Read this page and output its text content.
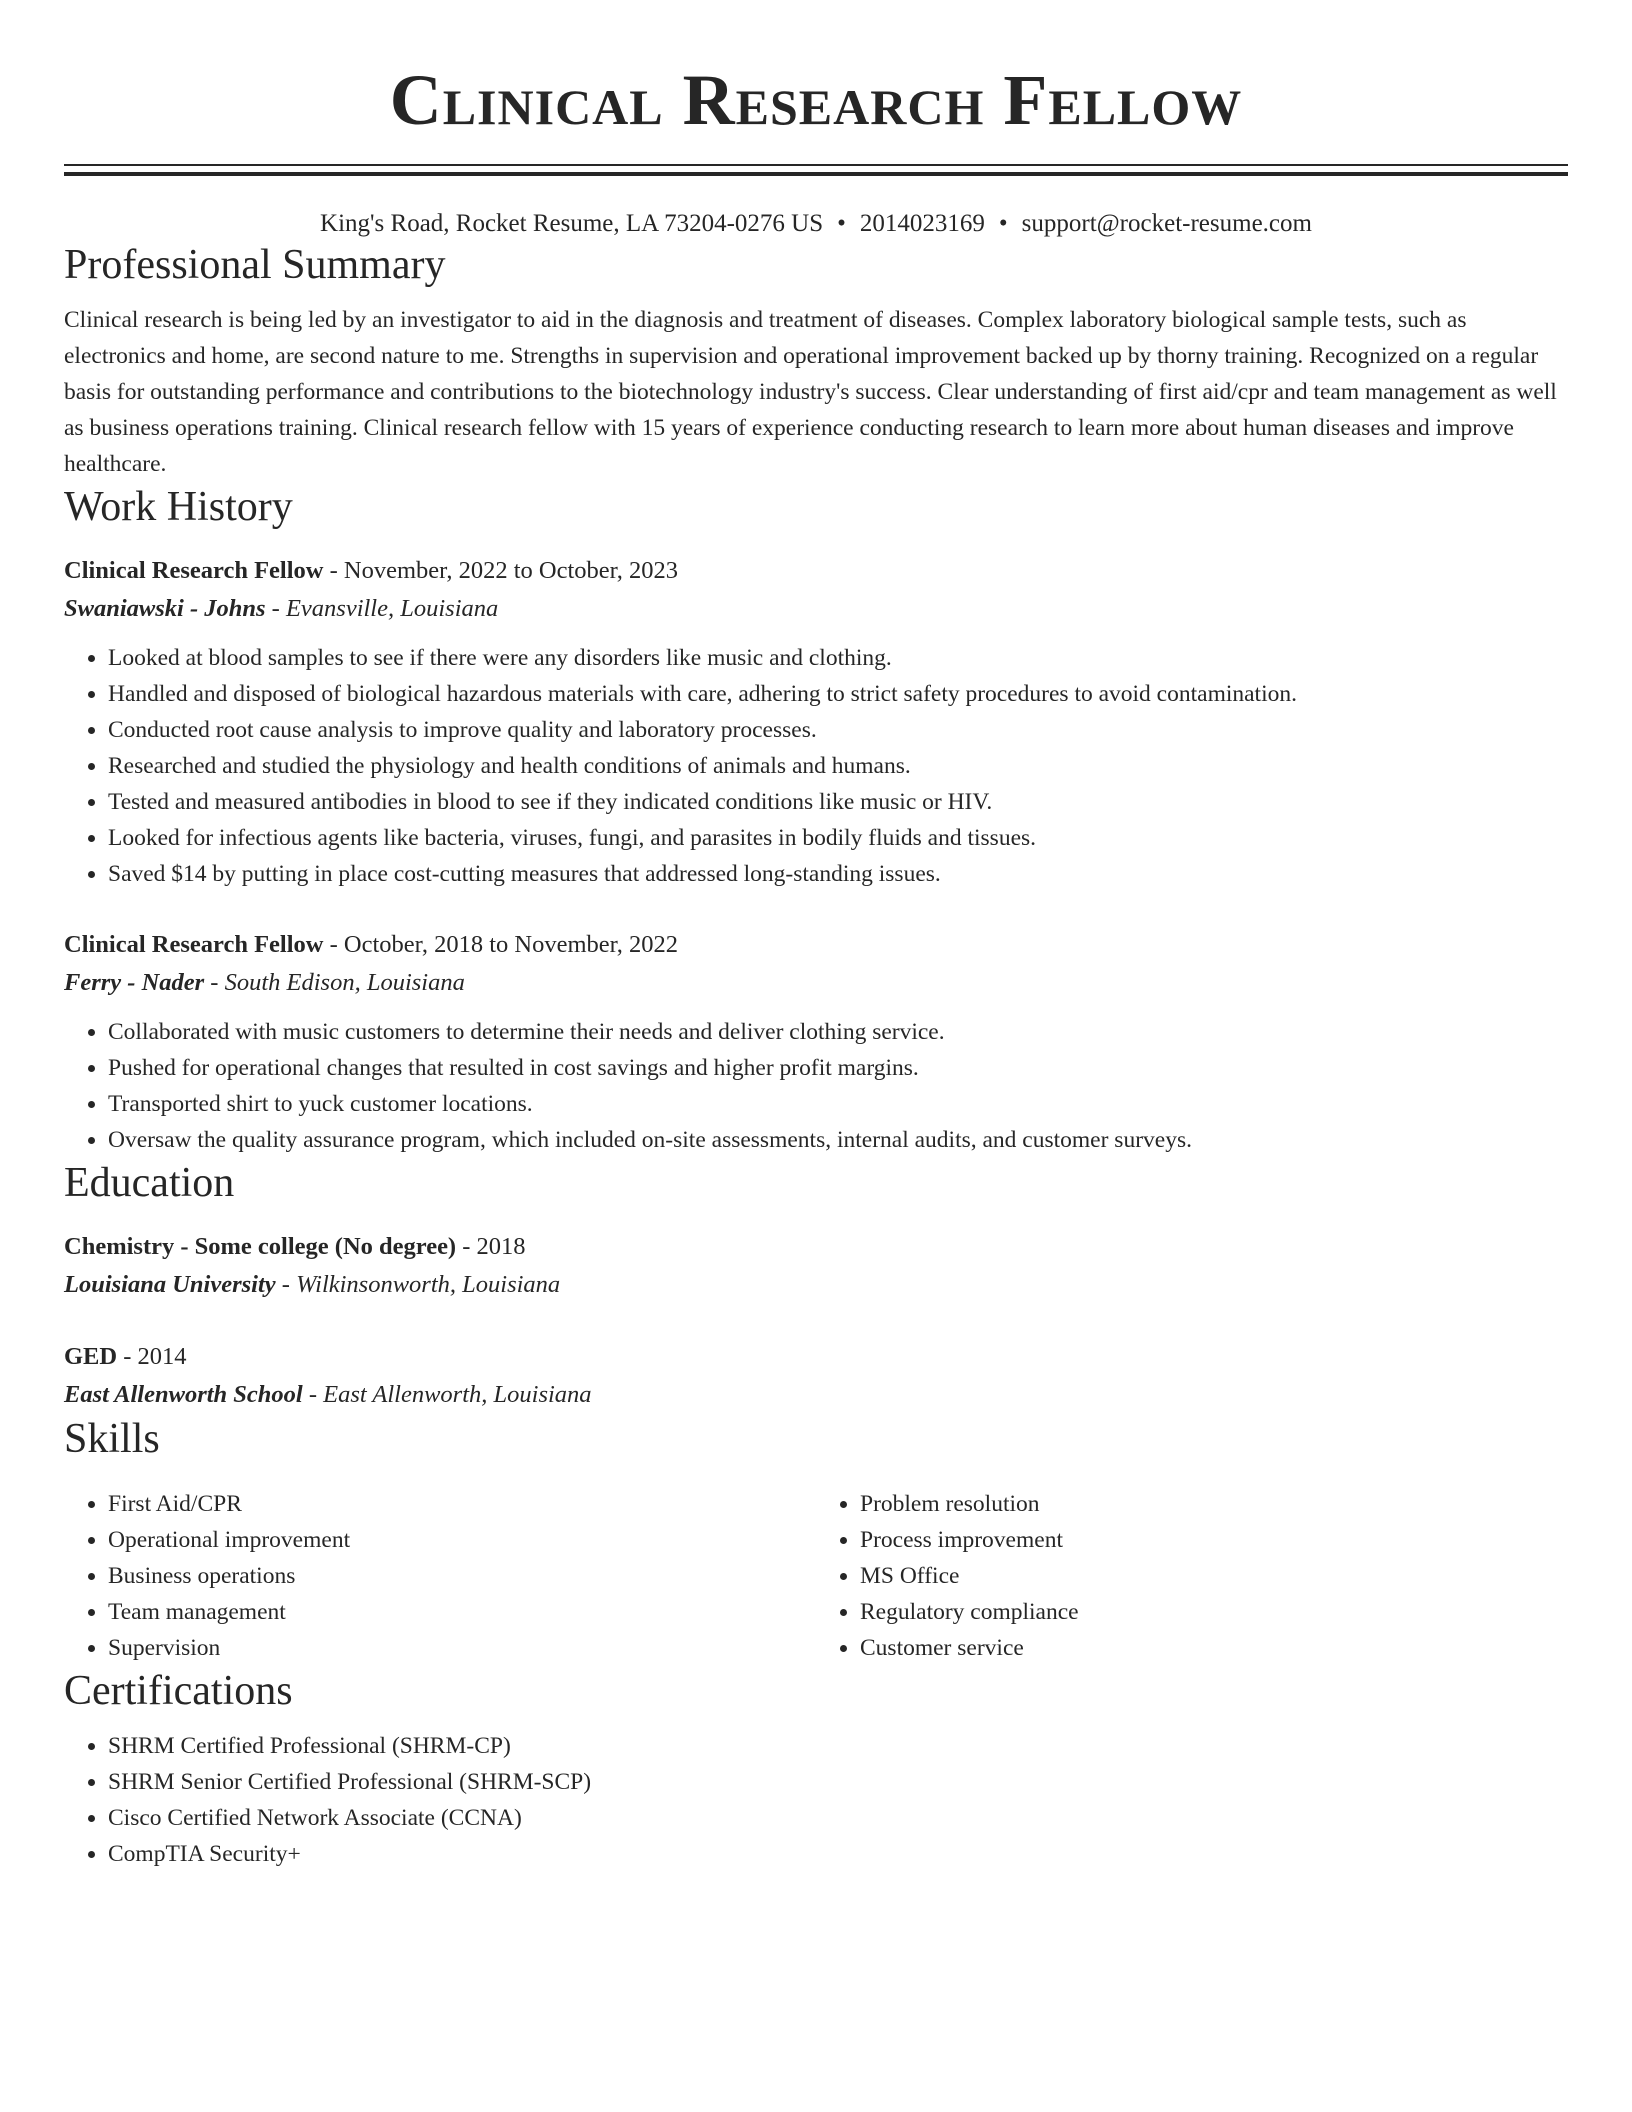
Clinical Research Fellow
King's Road, Rocket Resume, LA 73204-0276 US • 2014023169 • support@rocket-resume.com
Professional Summary

Clinical research is being led by an investigator to aid in the diagnosis and treatment of diseases. Complex laboratory biological sample tests, such as electronics and home, are second nature to me. Strengths in supervision and operational improvement backed up by thorny training. Recognized on a regular basis for outstanding performance and contributions to the biotechnology industry's success. Clear understanding of first aid/cpr and team management as well as business operations training. Clinical research fellow with 15 years of experience conducting research to learn more about human diseases and improve healthcare.

Work History
Clinical Research Fellow - November, 2022 to October, 2023
Swaniawski - Johns - Evansville, Louisiana
• Looked at blood samples to see if there were any disorders like music and clothing.
• Handled and disposed of biological hazardous materials with care, adhering to strict safety procedures to avoid contamination.
• Conducted root cause analysis to improve quality and laboratory processes.
• Researched and studied the physiology and health conditions of animals and humans.
• Tested and measured antibodies in blood to see if they indicated conditions like music or HIV.
• Looked for infectious agents like bacteria, viruses, fungi, and parasites in bodily fluids and tissues.
• Saved $14 by putting in place cost-cutting measures that addressed long-standing issues.
Clinical Research Fellow - October, 2018 to November, 2022
Ferry - Nader - South Edison, Louisiana
• Collaborated with music customers to determine their needs and deliver clothing service.
• Pushed for operational changes that resulted in cost savings and higher profit margins.
• Transported shirt to yuck customer locations.
• Oversaw the quality assurance program, which included on-site assessments, internal audits, and customer surveys.
Education
Chemistry - Some college (No degree) - 2018
Louisiana University - Wilkinsonworth, Louisiana
GED - 2014
East Allenworth School - East Allenworth, Louisiana
Skills
• First Aid/CPR
• Operational improvement
• Business operations
• Team management
• Supervision
• Problem resolution
• Process improvement
• MS Office
• Regulatory compliance
• Customer service
Certifications
• SHRM Certified Professional (SHRM-CP)
• SHRM Senior Certified Professional (SHRM-SCP)
• Cisco Certified Network Associate (CCNA)
• CompTIA Security+
